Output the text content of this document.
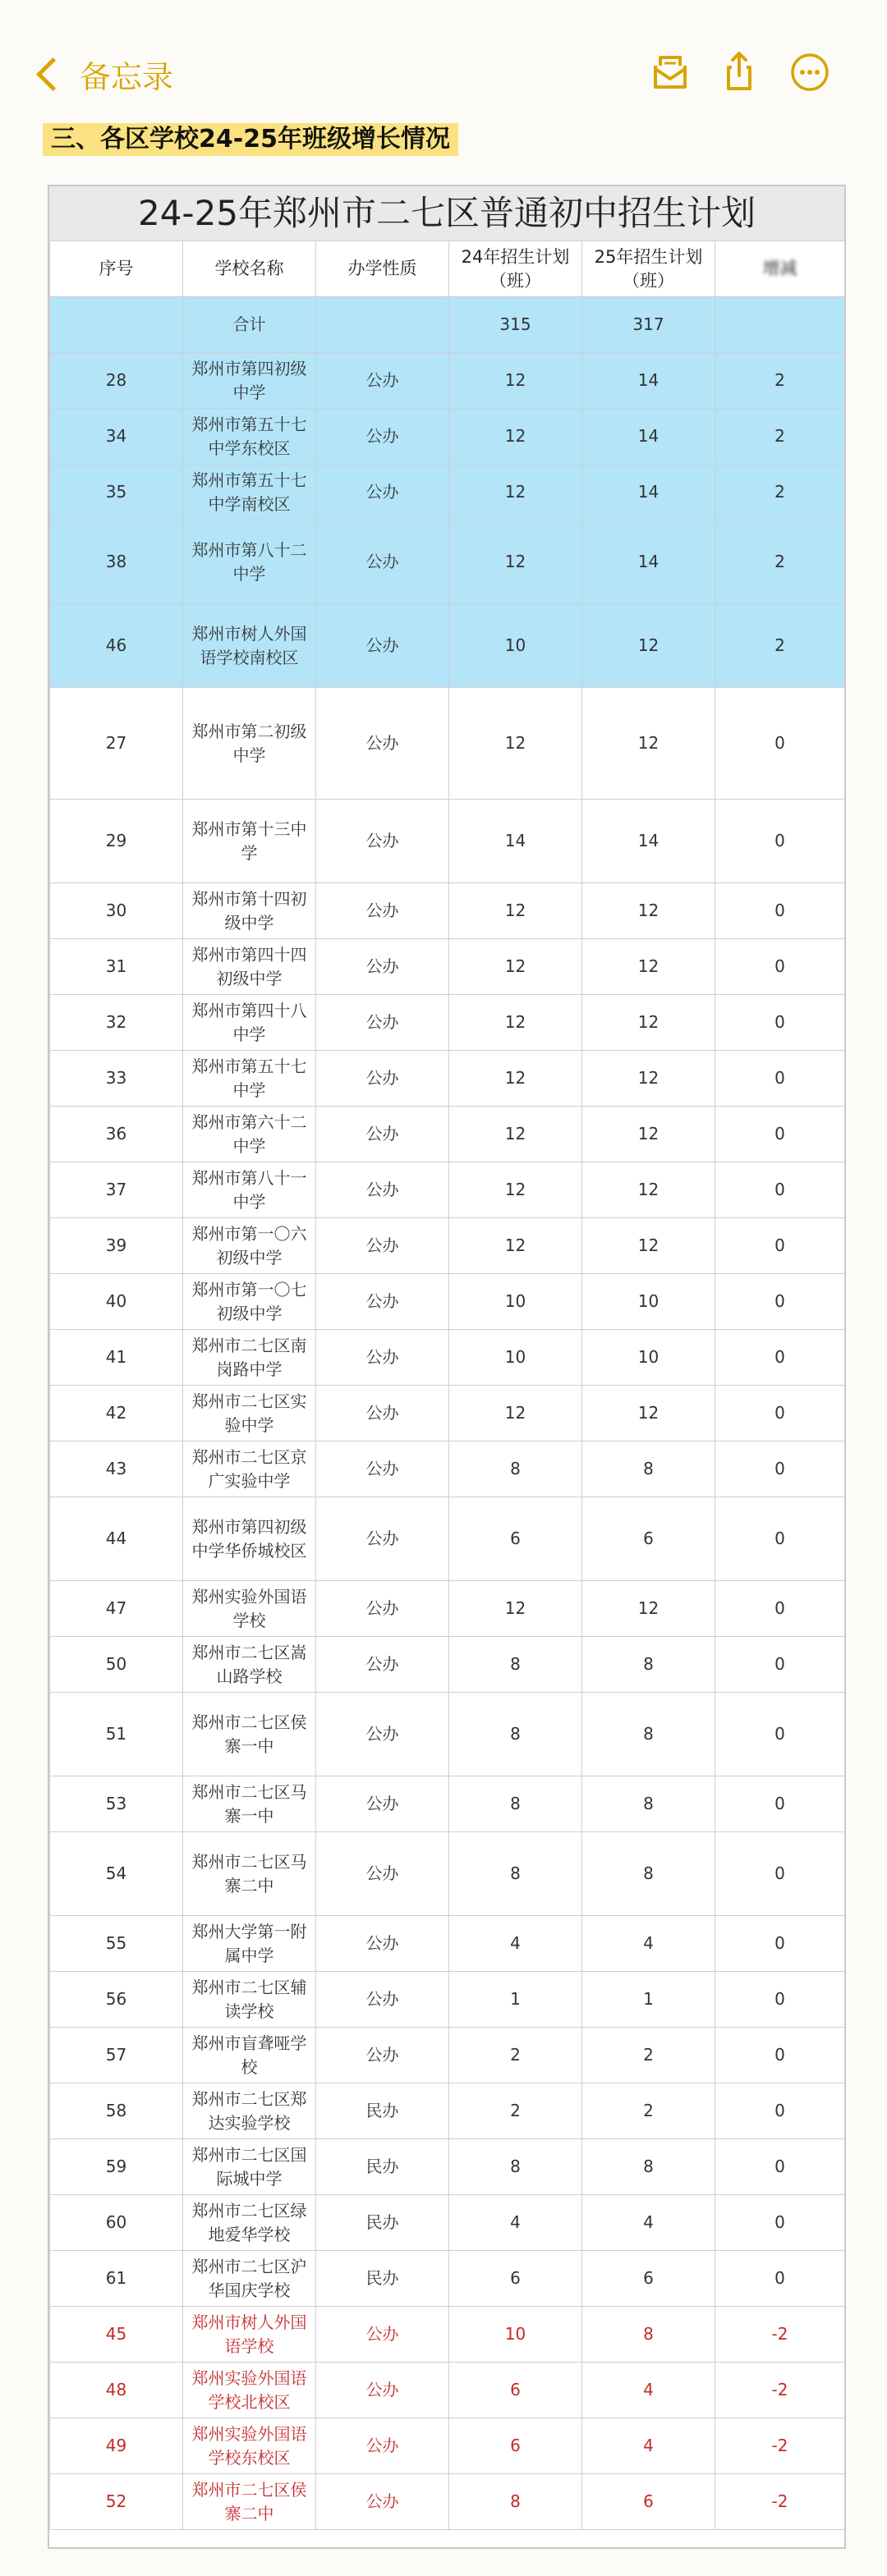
备忘录
三、各区学校24-25年班级增长情况
24-25年郑州市二七区普通初中招生计划
序号	学校名称	办学性质	24年招生计划（班）	25年招生计划（班）	增减
	合计		315	317	
28	郑州市第四初级中学	公办	12	14	2
34	郑州市第五十七中学东校区	公办	12	14	2
35	郑州市第五十七中学南校区	公办	12	14	2
38	郑州市第八十二中学	公办	12	14	2
46	郑州市树人外国语学校南校区	公办	10	12	2
27	郑州市第二初级中学	公办	12	12	0
29	郑州市第十三中学	公办	14	14	0
30	郑州市第十四初级中学	公办	12	12	0
31	郑州市第四十四初级中学	公办	12	12	0
32	郑州市第四十八中学	公办	12	12	0
33	郑州市第五十七中学	公办	12	12	0
36	郑州市第六十二中学	公办	12	12	0
37	郑州市第八十一中学	公办	12	12	0
39	郑州市第一〇六初级中学	公办	12	12	0
40	郑州市第一〇七初级中学	公办	10	10	0
41	郑州市二七区南岗路中学	公办	10	10	0
42	郑州市二七区实验中学	公办	12	12	0
43	郑州市二七区京广实验中学	公办	8	8	0
44	郑州市第四初级中学华侨城校区	公办	6	6	0
47	郑州实验外国语学校	公办	12	12	0
50	郑州市二七区嵩山路学校	公办	8	8	0
51	郑州市二七区侯寨一中	公办	8	8	0
53	郑州市二七区马寨一中	公办	8	8	0
54	郑州市二七区马寨二中	公办	8	8	0
55	郑州大学第一附属中学	公办	4	4	0
56	郑州市二七区辅读学校	公办	1	1	0
57	郑州市盲聋哑学校	公办	2	2	0
58	郑州市二七区郑达实验学校	民办	2	2	0
59	郑州市二七区国际城中学	民办	8	8	0
60	郑州市二七区绿地爱华学校	民办	4	4	0
61	郑州市二七区沪华国庆学校	民办	6	6	0
45	郑州市树人外国语学校	公办	10	8	-2
48	郑州实验外国语学校北校区	公办	6	4	-2
49	郑州实验外国语学校东校区	公办	6	4	-2
52	郑州市二七区侯寨二中	公办	8	6	-2
